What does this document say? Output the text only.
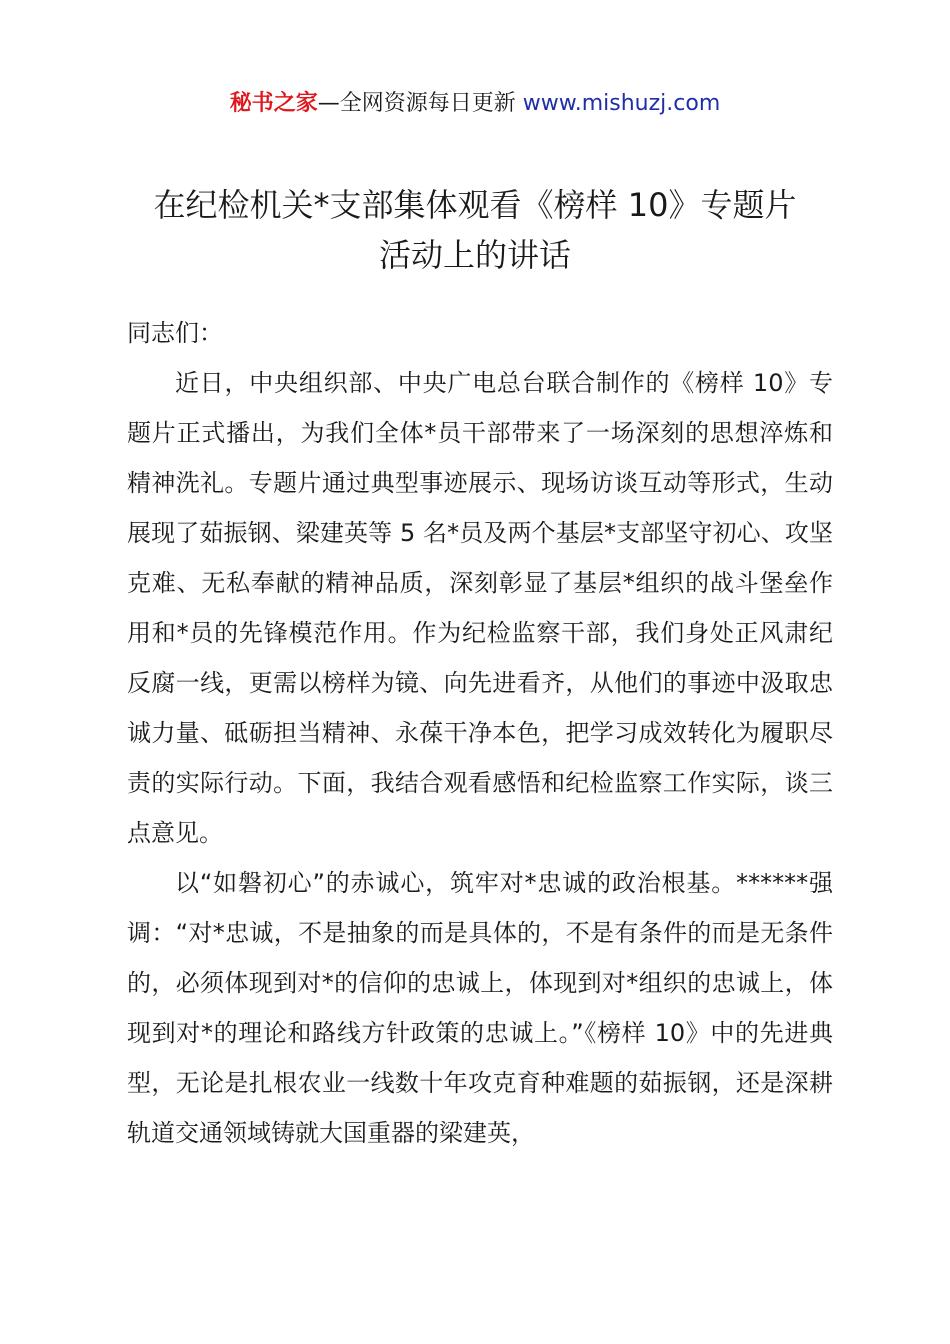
秘书之家—全网资源每日更新 www.mishuzj.com
在纪检机关*支部集体观看《榜样 10》专题片
活动上的讲话

同志们：

近日，中央组织部、中央广电总台联合制作的《榜样 10》专题片正式播出，为我们全体*员干部带来了一场深刻的思想淬炼和精神洗礼。专题片通过典型事迹展示、现场访谈互动等形式，生动展现了茹振钢、梁建英等 5 名*员及两个基层*支部坚守初心、攻坚克难、无私奉献的精神品质，深刻彰显了基层*组织的战斗堡垒作用和*员的先锋模范作用。作为纪检监察干部，我们身处正风肃纪反腐一线，更需以榜样为镜、向先进看齐，从他们的事迹中汲取忠诚力量、砥砺担当精神、永葆干净本色，把学习成效转化为履职尽责的实际行动。下面，我结合观看感悟和纪检监察工作实际，谈三点意见。

以“如磐初心”的赤诚心，筑牢对*忠诚的政治根基。******强调：“对*忠诚，不是抽象的而是具体的，不是有条件的而是无条件的，必须体现到对*的信仰的忠诚上，体现到对*组织的忠诚上，体现到对*的理论和路线方针政策的忠诚上。”《榜样 10》中的先进典型，无论是扎根农业一线数十年攻克育种难题的茹振钢，还是深耕轨道交通领域铸就大国重器的梁建英，
